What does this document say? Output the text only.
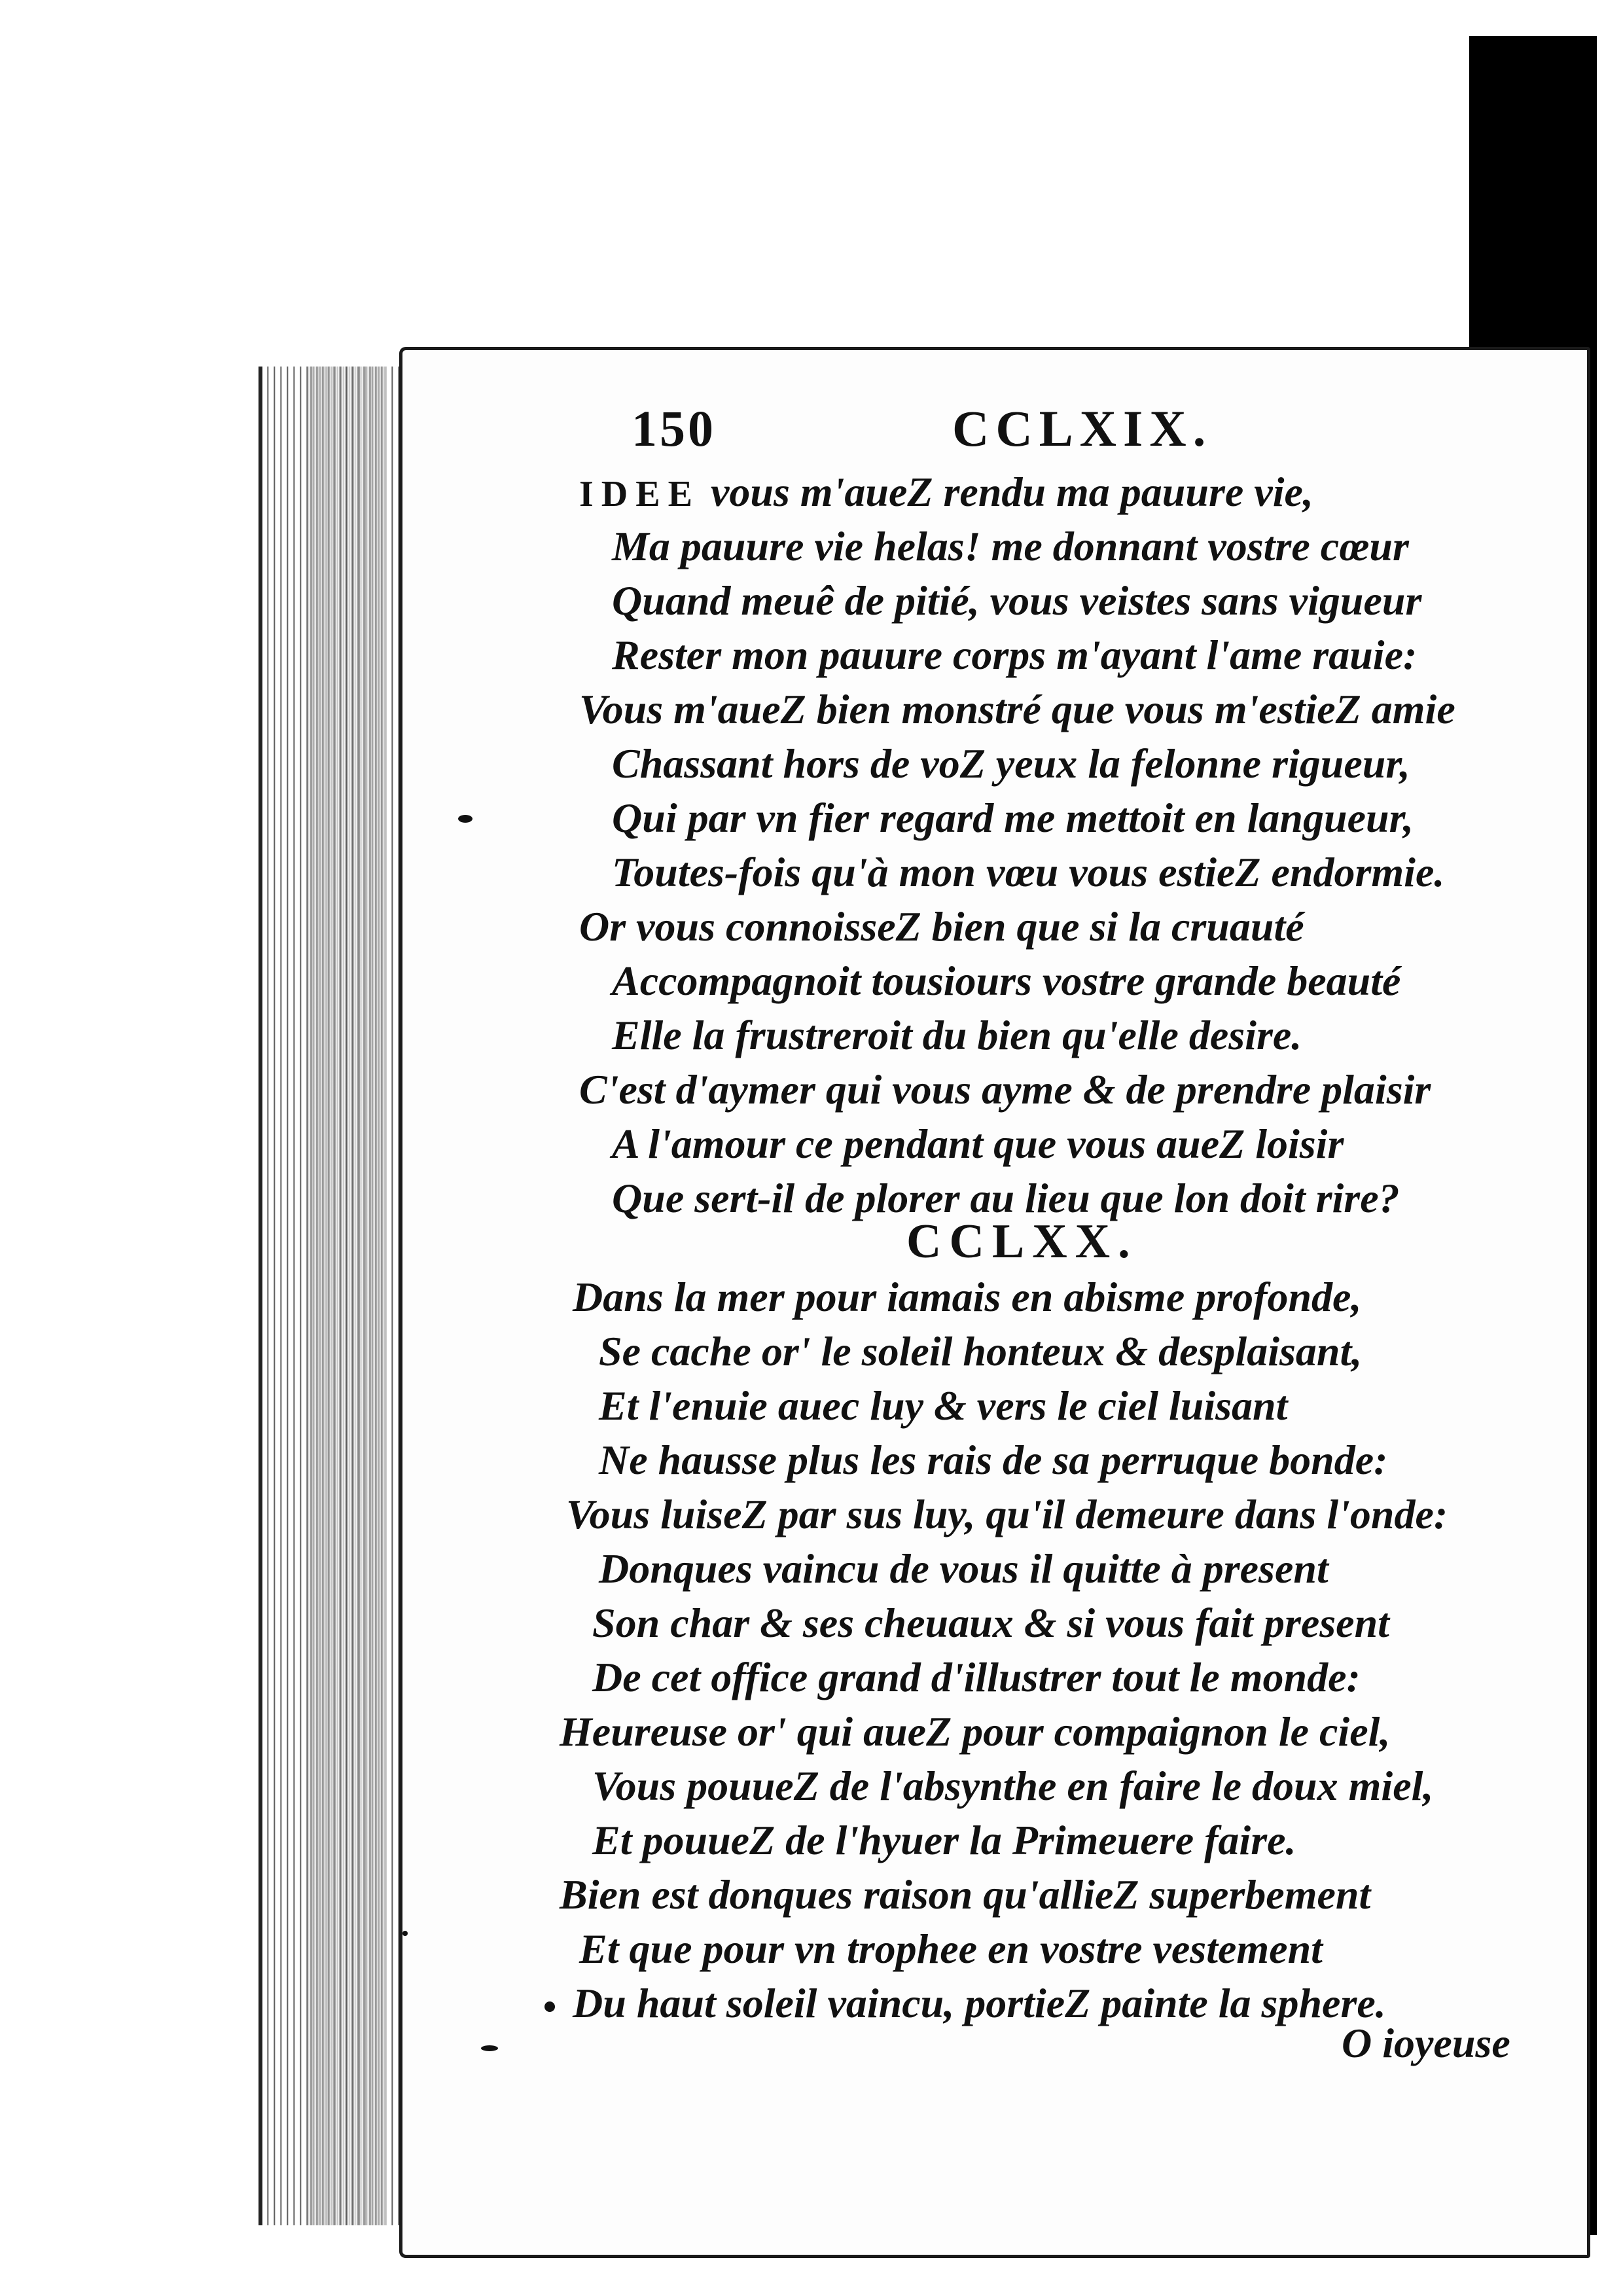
150	CCLXIX.
IDEE vous m'aueZ rendu ma pauure vie,
Ma pauure vie helas! me donnant vostre cœur
Quand meuê de pitié, vous veistes sans vigueur
Rester mon pauure corps m'ayant l'ame rauie:
Vous m'aueZ bien monstré que vous m'estieZ amie
Chassant hors de voZ yeux la felonne rigueur,
Qui par vn fier regard me mettoit en langueur,
Toutes-fois qu'à mon vœu vous estieZ endormie.
Or vous connoisseZ bien que si la cruauté
Accompagnoit tousiours vostre grande beauté
Elle la frustreroit du bien qu'elle desire.
C'est d'aymer qui vous ayme & de prendre plaisir
A l'amour ce pendant que vous aueZ loisir
Que sert-il de plorer au lieu que lon doit rire?
CCLXX.
Dans la mer pour iamais en abisme profonde,
Se cache or' le soleil honteux & desplaisant,
Et l'enuie auec luy & vers le ciel luisant
Ne hausse plus les rais de sa perruque bonde:
Vous luiseZ par sus luy, qu'il demeure dans l'onde:
Donques vaincu de vous il quitte à present
Son char & ses cheuaux & si vous fait present
De cet office grand d'illustrer tout le monde:
Heureuse or' qui aueZ pour compaignon le ciel,
Vous pouueZ de l'absynthe en faire le doux miel,
Et pouueZ de l'hyuer la Primeuere faire.
Bien est donques raison qu'allieZ superbement
Et que pour vn trophee en vostre vestement
Du haut soleil vaincu, portieZ painte la sphere.
O ioyeuse
